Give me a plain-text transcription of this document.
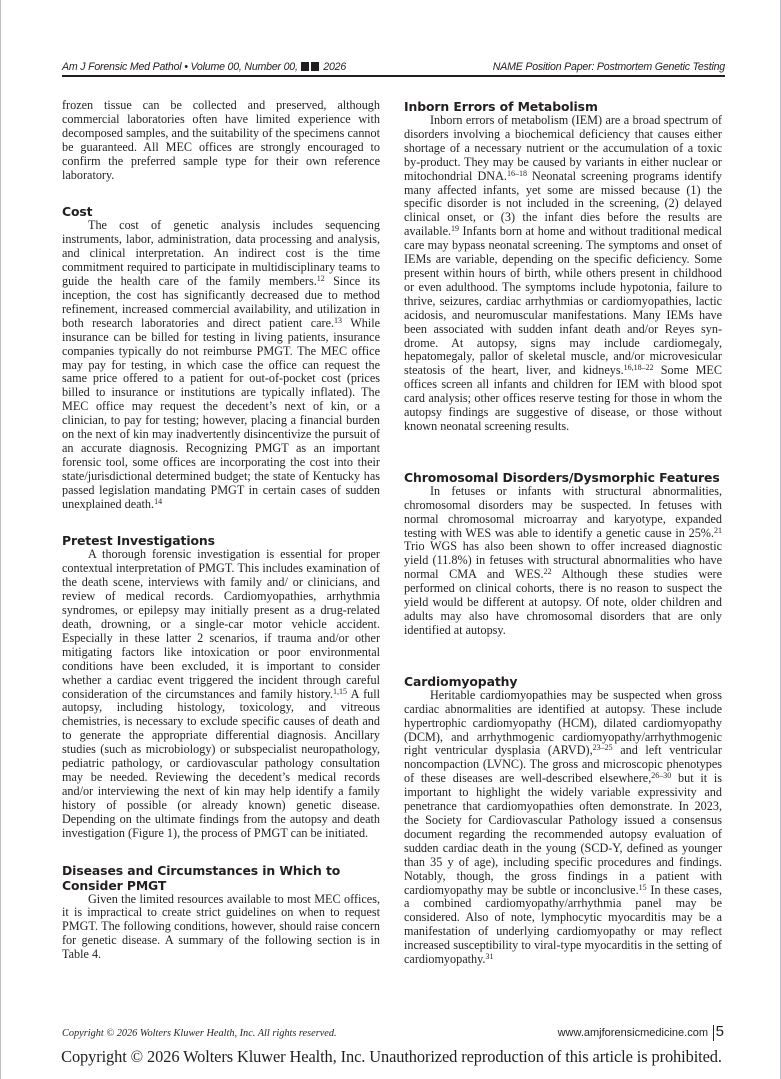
Am J Forensic Med Pathol • Volume 00, Number 00, 2026	NAME Position Paper: Postmortem Genetic Testing

frozen tissue can be collected and preserved, although commercial laboratories often have limited experience with decomposed samples, and the suitability of the specimens cannot be guaranteed. All MEC offices are strongly encouraged to confirm the preferred sample type for their own reference laboratory.

Cost

The cost of genetic analysis includes sequencing instruments, labor, administration, data processing and analysis, and clinical interpretation. An indirect cost is the time commitment required to participate in multidisciplinary teams to guide the health care of the family members.$^{12}$ Since its inception, the cost has significantly decreased due to method refinement, increased commercial availability, and utilization in both research laboratories and direct patient care.$^{13}$ While insurance can be billed for testing in living patients, insurance companies typically do not reimburse PMGT. The MEC office may pay for testing, in which case the office can request the same price offered to a patient for out-of-pocket cost (prices billed to insurance or institutions are typically inflated). The MEC office may request the decedent’s next of kin, or a clinician, to pay for testing; however, placing a financial burden on the next of kin may inadvertently disincentivize the pursuit of an accurate diagnosis. Recognizing PMGT as an important forensic tool, some offices are incorporating the cost into their state/jurisdictional determined budget; the state of Kentucky has passed legislation mandating PMGT in certain cases of sudden unexplained death.$^{14}$

Pretest Investigations

A thorough forensic investigation is essential for proper contextual interpretation of PMGT. This includes examination of the death scene, interviews with family and/ or clinicians, and review of medical records. Cardiomyopathies, arrhythmia syndromes, or epilepsy may initially present as a drug-related death, drowning, or a single-car motor vehicle accident. Especially in these latter 2 scenarios, if trauma and/or other mitigating factors like intoxication or poor environmental conditions have been excluded, it is important to consider whether a cardiac event triggered the incident through careful consideration of the circumstances and family history.$^{1,15}$ A full autopsy, including histology, toxicology, and vitreous chemistries, is necessary to exclude specific causes of death and to generate the appropriate differential diagnosis. Ancillary studies (such as microbiology) or subspecialist neuropathology, pediatric pathology, or cardiovascular pathology consultation may be needed. Reviewing the decedent’s medical records and/or interviewing the next of kin may help identify a family history of possible (or already known) genetic disease. Depending on the ultimate findings from the autopsy and death investigation (Figure 1), the process of PMGT can be initiated.

Diseases and Circumstances in Which to Consider PMGT

Given the limited resources available to most MEC offices, it is impractical to create strict guidelines on when to request PMGT. The following conditions, however, should raise concern for genetic disease. A summary of the following section is in Table 4.

Inborn Errors of Metabolism

Inborn errors of metabolism (IEM) are a broad spectrum of disorders involving a biochemical deficiency that causes either shortage of a necessary nutrient or the accumulation of a toxic by-product. They may be caused by variants in either nuclear or mitochondrial DNA.$^{16-18}$ Neonatal screening programs identify many affected infants, yet some are missed because (1) the specific disorder is not included in the screening, (2) delayed clinical onset, or (3) the infant dies before the results are available.$^{19}$ Infants born at home and without traditional medical care may bypass neonatal screening. The symptoms and onset of IEMs are variable, depending on the specific deficiency. Some present within hours of birth, while others present in childhood or even adulthood. The symptoms include hypotonia, failure to thrive, seizures, cardiac arrhythmias or cardiomyopathies, lactic acidosis, and neuromuscular manifestations. Many IEMs have been associated with sudden infant death and/or Reyes syndrome. At autopsy, signs may include cardiomegaly, hepatomegaly, pallor of skeletal muscle, and/or microvesicular steatosis of the heart, liver, and kidneys.$^{16,18-22}$ Some MEC offices screen all infants and children for IEM with blood spot card analysis; other offices reserve testing for those in whom the autopsy findings are suggestive of disease, or those without known neonatal screening results.

Chromosomal Disorders/Dysmorphic Features

In fetuses or infants with structural abnormalities, chromosomal disorders may be suspected. In fetuses with normal chromosomal microarray and karyotype, expanded testing with WES was able to identify a genetic cause in 25%.$^{21}$ Trio WGS has also been shown to offer increased diagnostic yield (11.8%) in fetuses with structural abnormalities who have normal CMA and WES.$^{22}$ Although these studies were performed on clinical cohorts, there is no reason to suspect the yield would be different at autopsy. Of note, older children and adults may also have chromosomal disorders that are only identified at autopsy.

Cardiomyopathy

Heritable cardiomyopathies may be suspected when gross cardiac abnormalities are identified at autopsy. These include hypertrophic cardiomyopathy (HCM), dilated cardiomyopathy (DCM), and arrhythmogenic cardiomyopathy/arrhythmogenic right ventricular dysplasia (ARVD),$^{23-25}$ and left ventricular noncompaction (LVNC). The gross and microscopic phenotypes of these diseases are well-described elsewhere,$^{26-30}$ but it is important to highlight the widely variable expressivity and penetrance that cardiomyopathies often demonstrate. In 2023, the Society for Cardiovascular Pathology issued a consensus document regarding the recommended autopsy evaluation of sudden cardiac death in the young (SCD-Y, defined as younger than 35 y of age), including specific procedures and findings. Notably, though, the gross findings in a patient with cardiomyopathy may be subtle or inconclusive.$^{15}$ In these cases, a combined cardiomyopathy/arrhythmia panel may be considered. Also of note, lymphocytic myocarditis may be a manifestation of underlying cardiomyopathy or may reflect increased susceptibility to viral-type myocarditis in the setting of cardiomyopathy.$^{31}$

Copyright © 2026 Wolters Kluwer Health, Inc. All rights reserved.	www.amjforensicmedicine.com 5
Copyright © 2026 Wolters Kluwer Health, Inc. Unauthorized reproduction of this article is prohibited.
